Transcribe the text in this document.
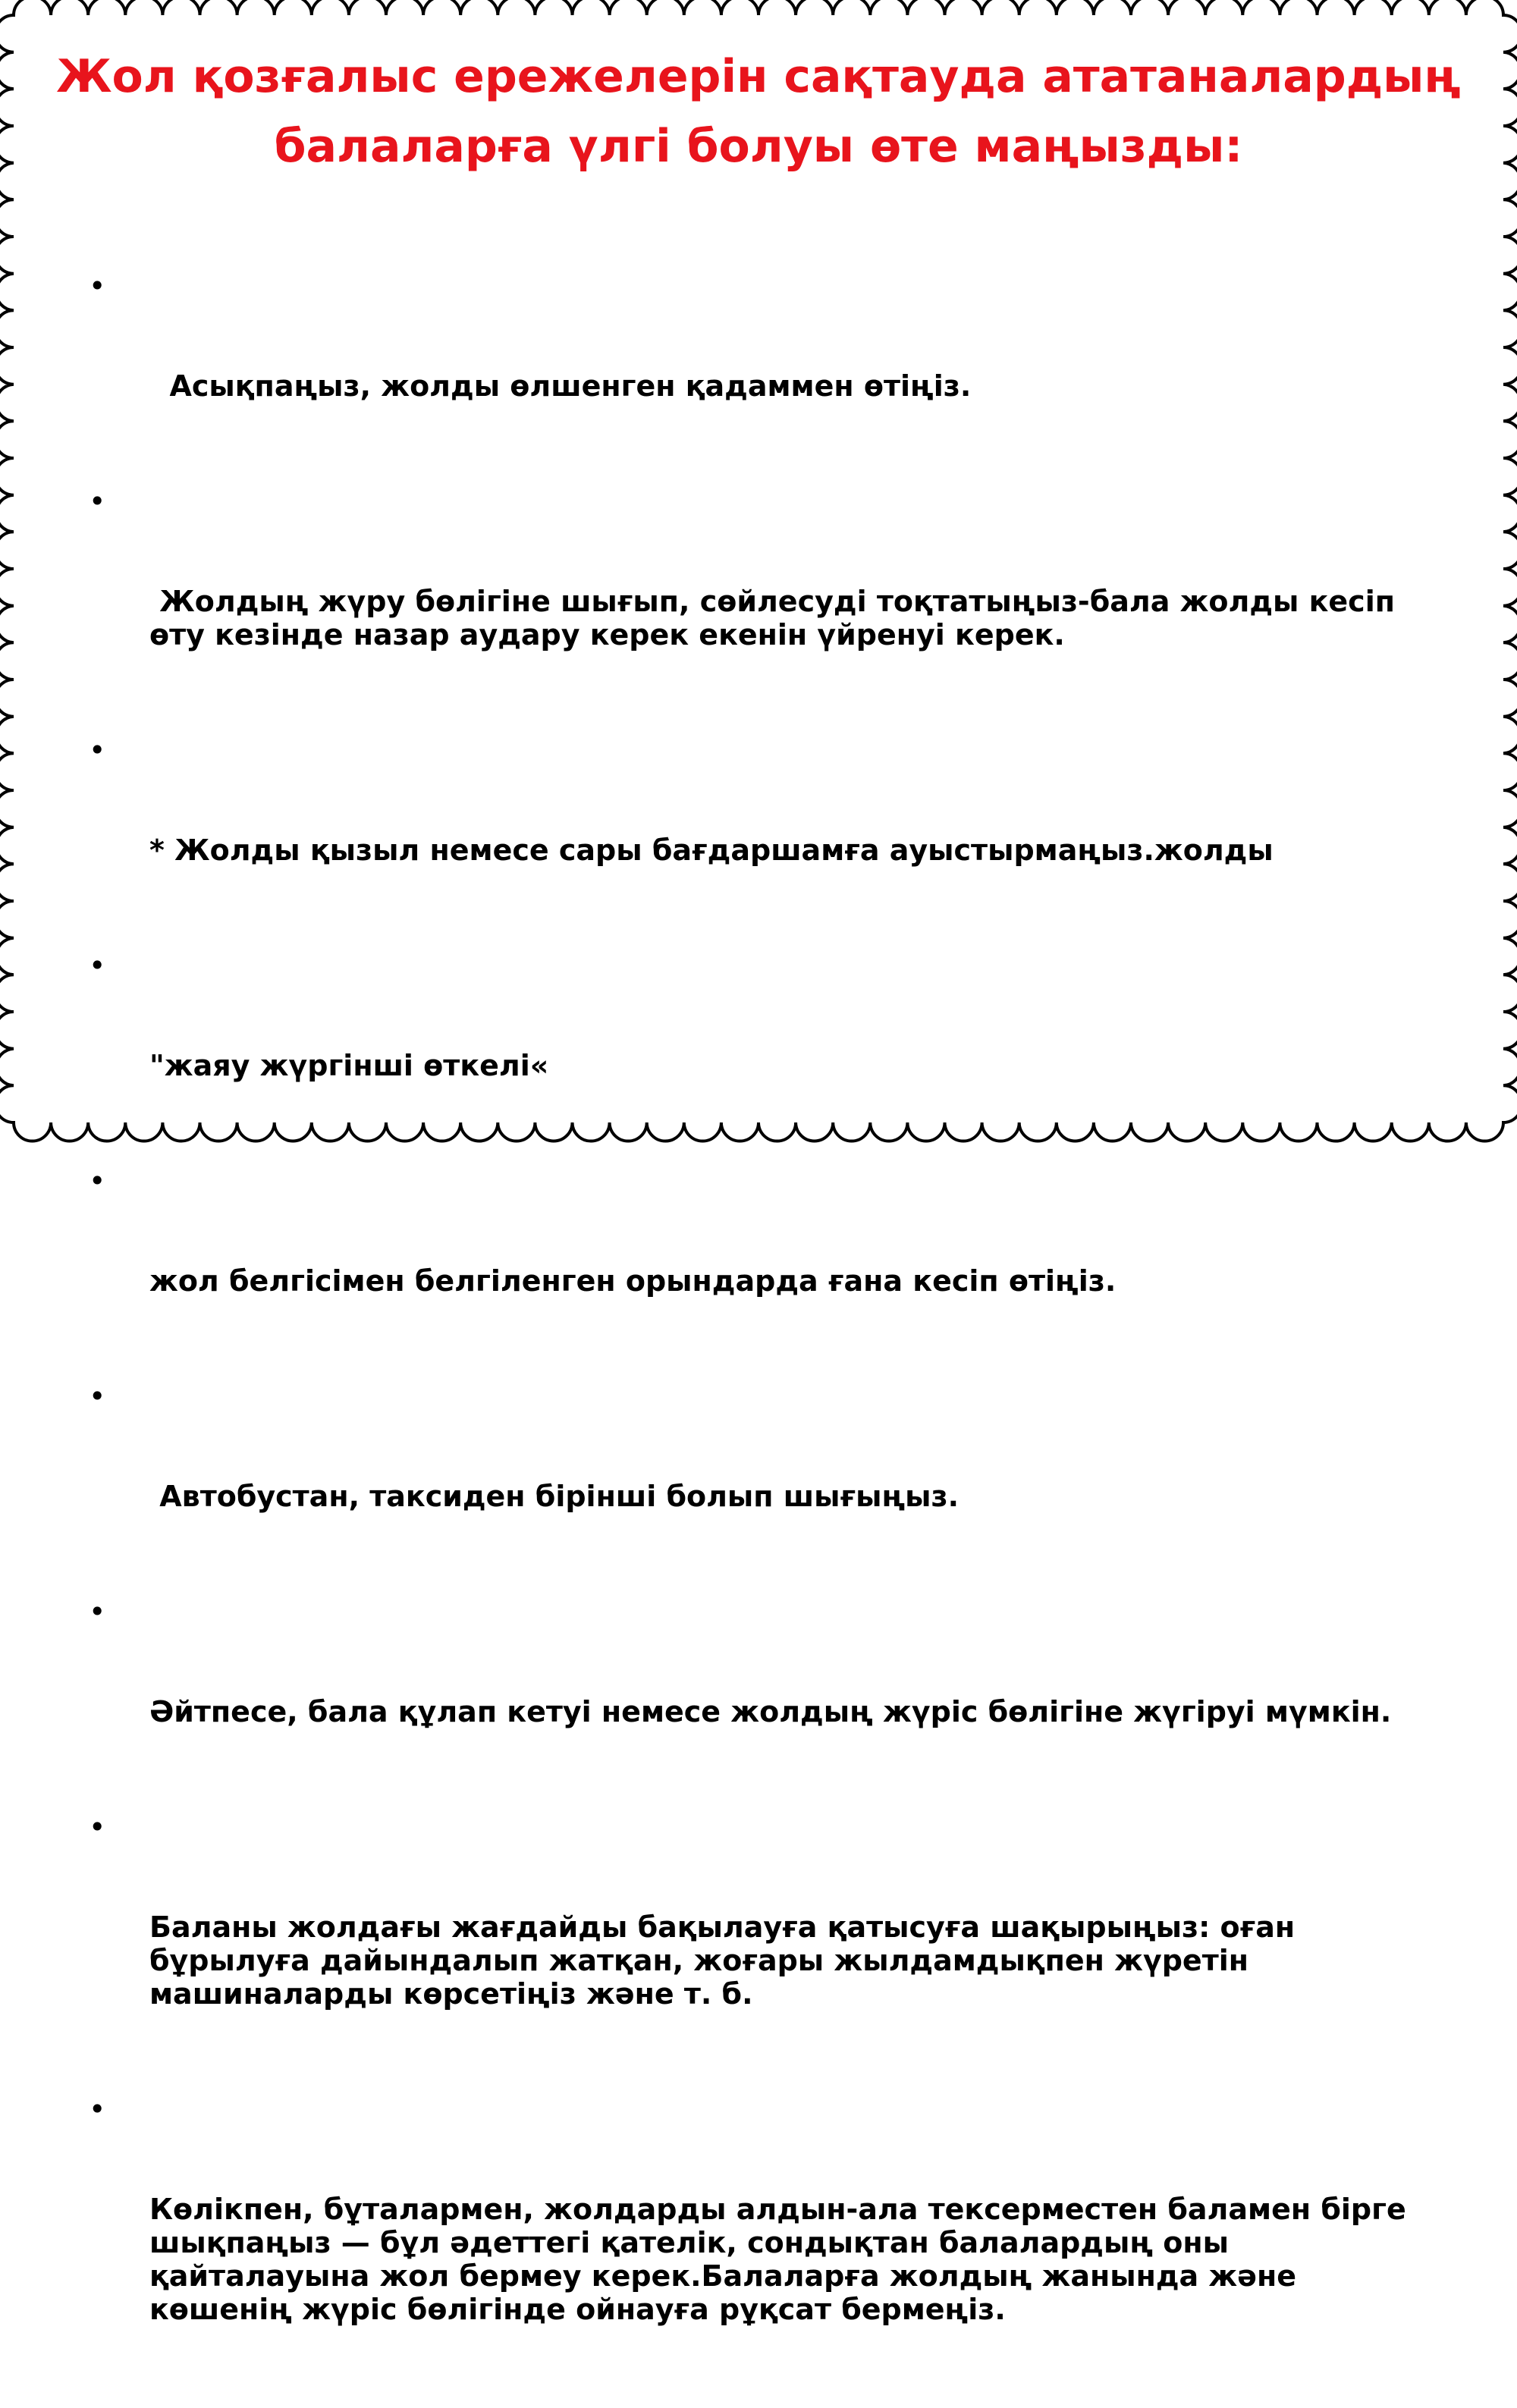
Жол қозғалыс ережелерін сақтауда ататаналардың
балаларға үлгі болуы өте маңызды:

•

Асықпаңыз, жолды өлшенген қадаммен өтіңіз.

•

Жолдың жүру бөлігіне шығып, сөйлесуді тоқтатыңыз-бала жолды кесіп өту кезінде назар аудару керек екенін үйренуі керек.

•

* Жолды қызыл немесе сары бағдаршамға ауыстырмаңыз.жолды

•

"жаяу жүргінші өткелі«

•

жол белгісімен белгіленген орындарда ғана кесіп өтіңіз.

•

Автобустан, таксиден бірінші болып шығыңыз.

•

Әйтпесе, бала құлап кетуі немесе жолдың жүріс бөлігіне жүгіруі мүмкін.

•

Баланы жолдағы жағдайды бақылауға қатысуға шақырыңыз: оған бұрылуға дайындалып жатқан, жоғары жылдамдықпен жүретін машиналарды көрсетіңіз және т. б.

•

Көлікпен, бұталармен, жолдарды алдын-ала тексерместен баламен бірге шықпаңыз — бұл әдеттегі қателік, сондықтан балалардың оны қайталауына жол бермеу керек.Балаларға жолдың жанында және көшенің жүріс бөлігінде ойнауға рұқсат бермеңіз.
